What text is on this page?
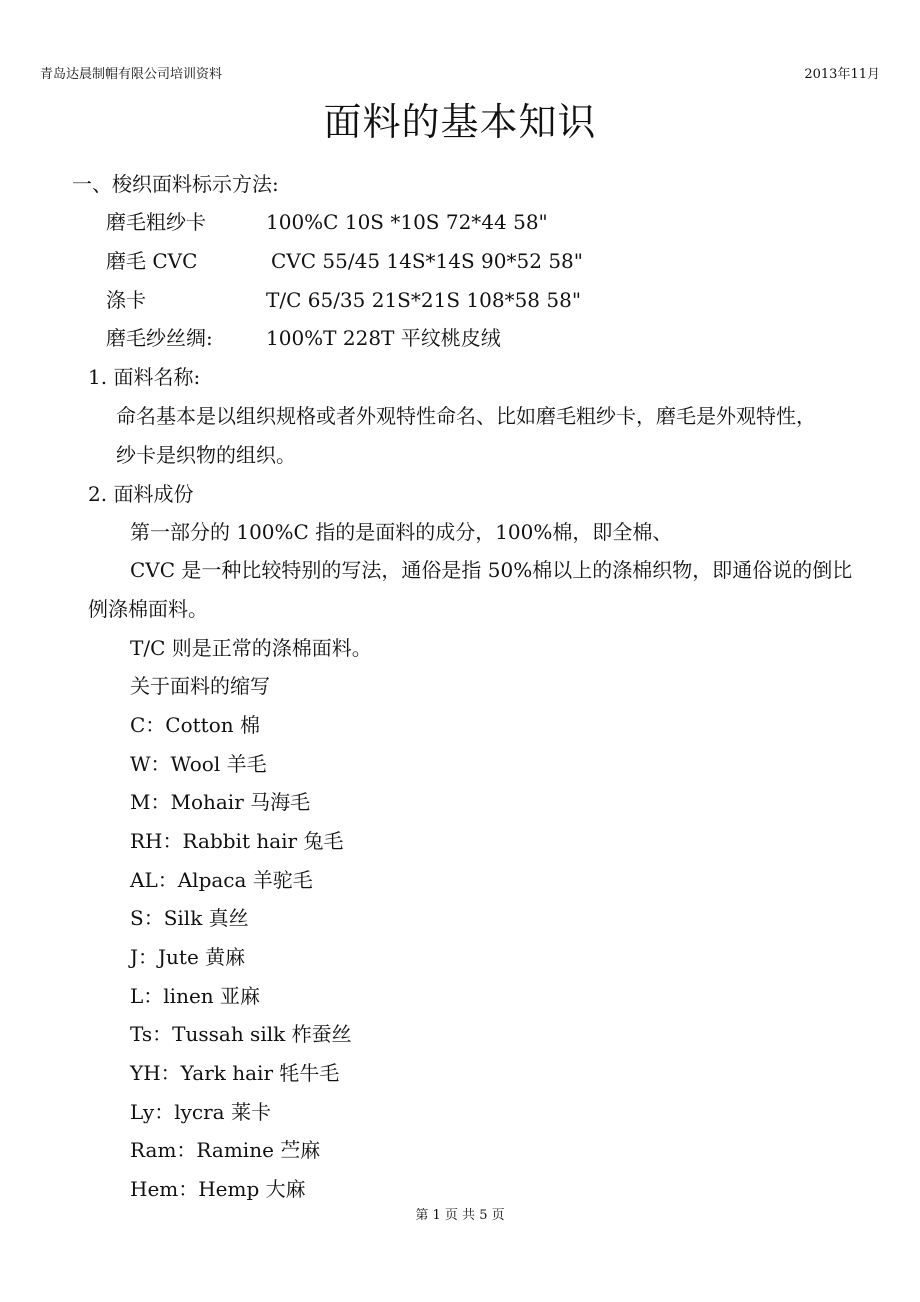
青岛达晨制帽有限公司培训资料	2013年11月
面料的基本知识
一、梭织面料标示方法:
磨毛粗纱卡	100%C 10S *10S 72*44 58"
磨毛 CVC	CVC 55/45 14S*14S 90*52 58"
涤卡	T/C 65/35 21S*21S 108*58 58"
磨毛纱丝绸:	100%T 228T 平纹桃皮绒
1. 面料名称:
命名基本是以组织规格或者外观特性命名、比如磨毛粗纱卡，磨毛是外观特性，
纱卡是织物的组织。
2. 面料成份
第一部分的 100%C 指的是面料的成分，100%棉，即全棉、
CVC 是一种比较特别的写法，通俗是指 50%棉以上的涤棉织物，即通俗说的倒比
例涤棉面料。
T/C 则是正常的涤棉面料。
关于面料的缩写
C：Cotton 棉
W：Wool 羊毛
M：Mohair 马海毛
RH：Rabbit hair 兔毛
AL：Alpaca 羊驼毛
S：Silk 真丝
J：Jute 黄麻
L：linen 亚麻
Ts：Tussah silk 柞蚕丝
YH：Yark hair 牦牛毛
Ly：lycra 莱卡
Ram：Ramine 苎麻
Hem：Hemp 大麻
第 1 页 共 5 页
